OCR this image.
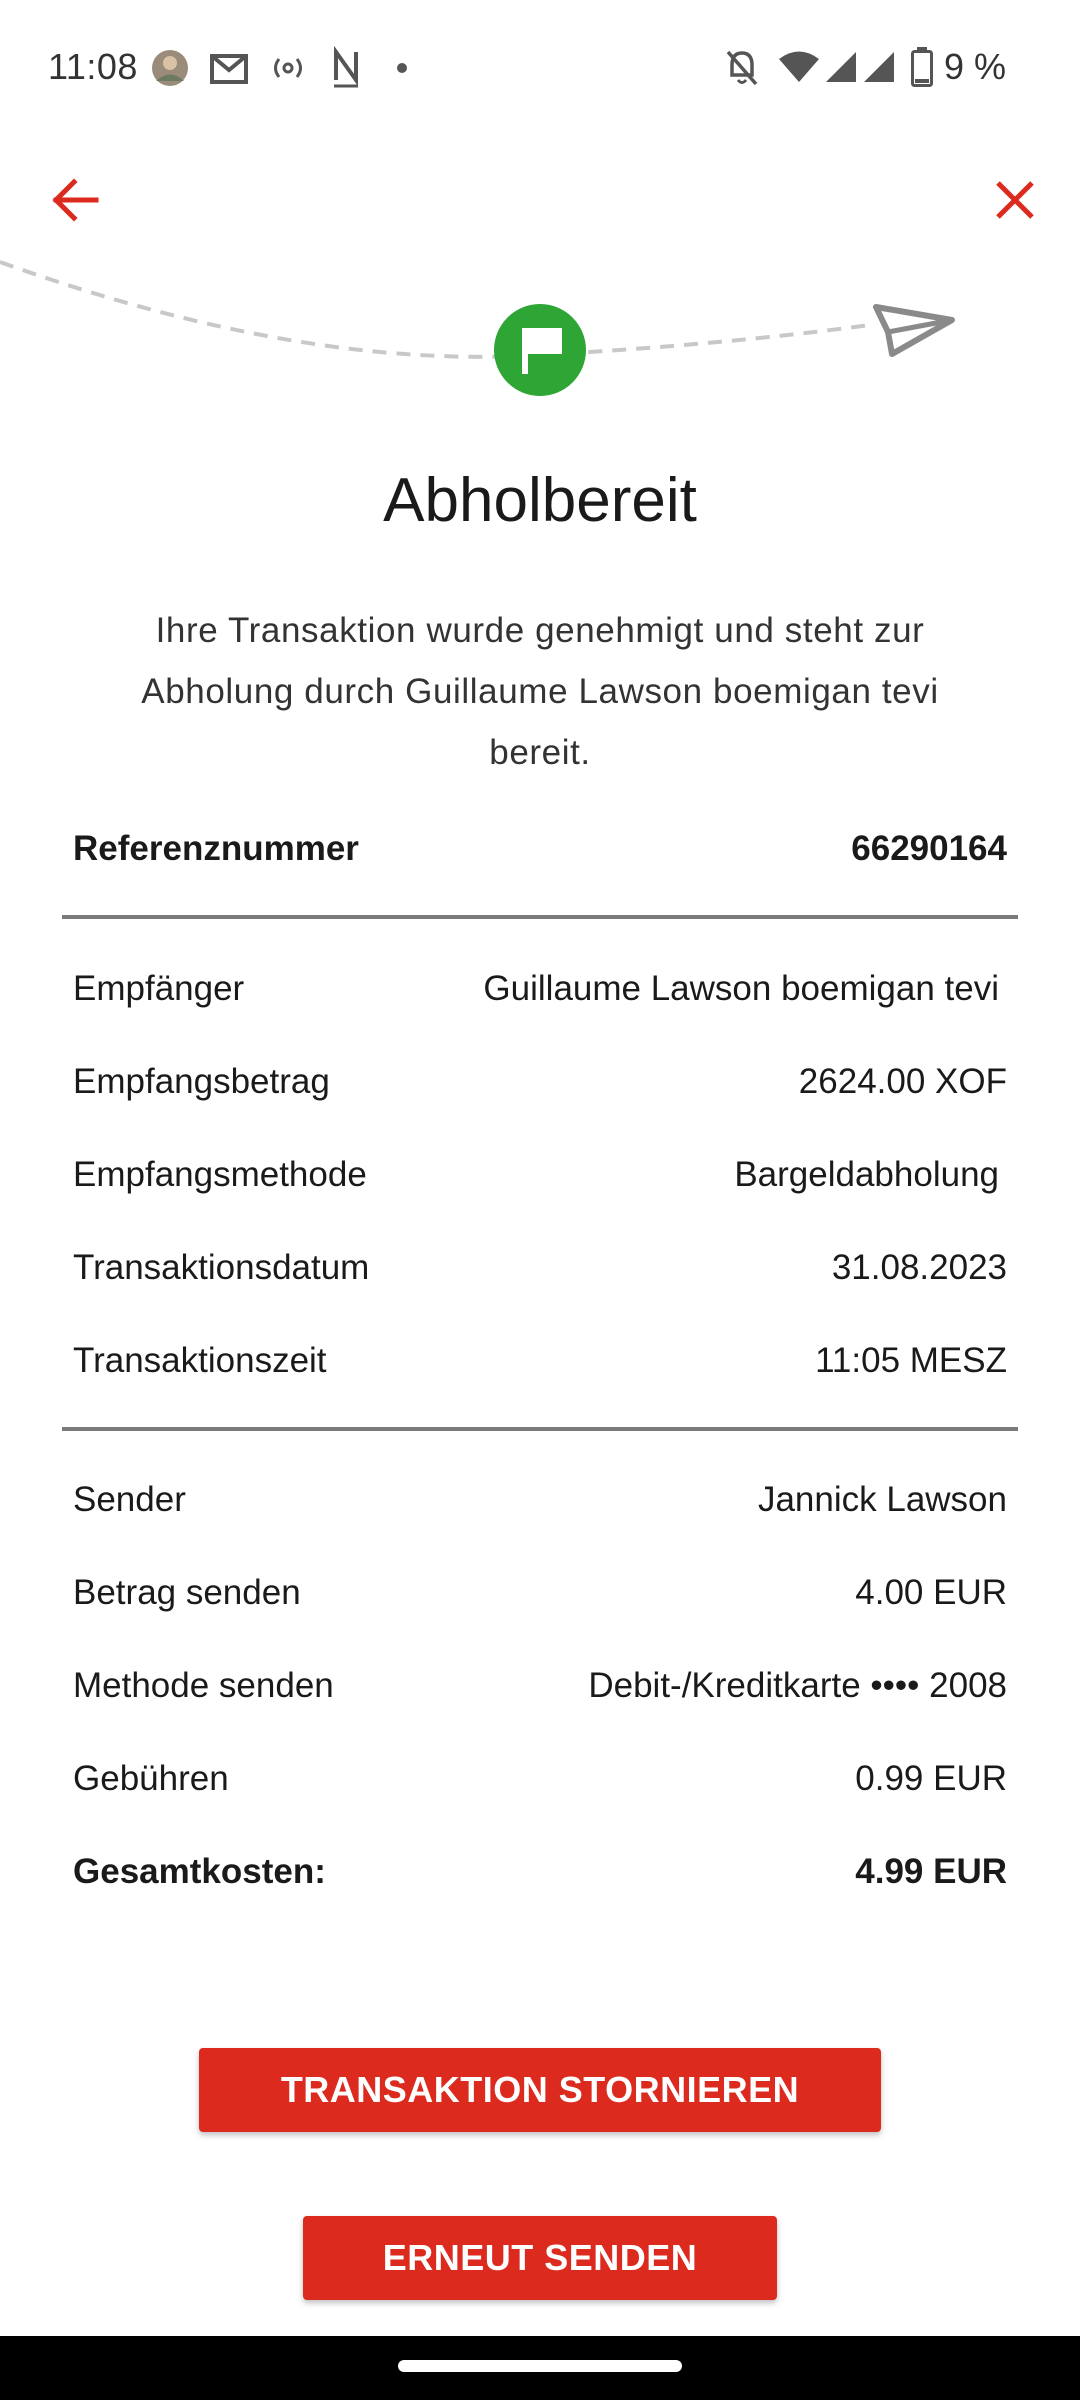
11:08	9 %
Abholbereit
Ihre Transaktion wurde genehmigt und steht zur Abholung durch Guillaume Lawson boemigan tevi bereit.
Referenznummer	66290164
Empfänger	Guillaume Lawson boemigan tevi
Empfangsbetrag	2624.00 XOF
Empfangsmethode	Bargeldabholung
Transaktionsdatum	31.08.2023
Transaktionszeit	11:05 MESZ
Sender	Jannick Lawson
Betrag senden	4.00 EUR
Methode senden	Debit-/Kreditkarte •••• 2008
Gebühren	0.99 EUR
Gesamtkosten:	4.99 EUR
TRANSAKTION STORNIEREN
ERNEUT SENDEN
